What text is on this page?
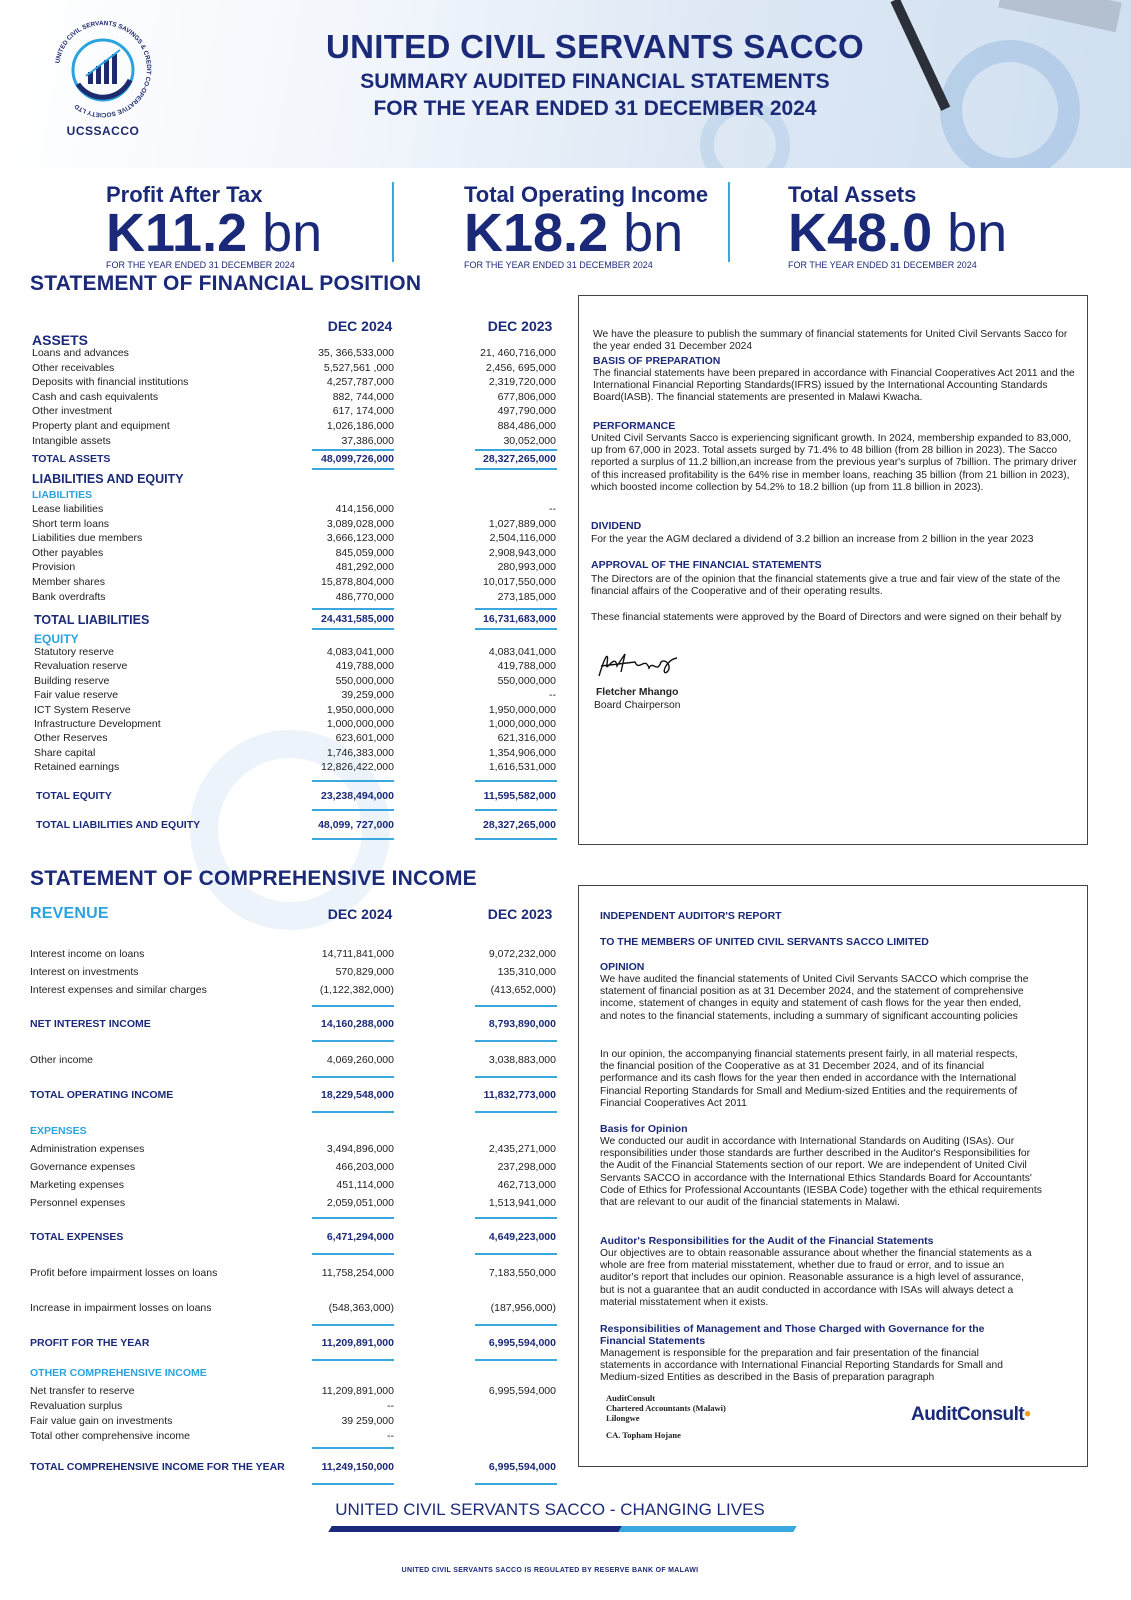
UNITED CIVIL SERVANTS SAVINGS & CREDIT CO-OPERATIVE SOCIETY LTD
UCSSACCO
UNITED CIVIL SERVANTS SACCO
SUMMARY AUDITED FINANCIAL STATEMENTS
FOR THE YEAR ENDED 31 DECEMBER 2024
Profit After Tax
K11.2 bn
FOR THE YEAR ENDED 31 DECEMBER 2024
Total Operating Income
K18.2 bn
FOR THE YEAR ENDED 31 DECEMBER 2024
Total Assets
K48.0 bn
FOR THE YEAR ENDED 31 DECEMBER 2024
STATEMENT OF FINANCIAL POSITION
DEC 2024	DEC 2023
ASSETS
Loans and advances	35, 366,533,000	21, 460,716,000
Other receivables	5,527,561 ,000	2,456, 695,000
Deposits with financial institutions	4,257,787,000	2,319,720,000
Cash and cash equivalents	882, 744,000	677,806,000
Other investment	617, 174,000	497,790,000
Property plant and equipment	1,026,186,000	884,486,000
Intangible assets	37,386,000	30,052,000
TOTAL ASSETS	48,099,726,000	28,327,265,000
LIABILITIES AND EQUITY
LIABILITIES
Lease liabilities	414,156,000	--
Short term loans	3,089,028,000	1,027,889,000
Liabilities due members	3,666,123,000	2,504,116,000
Other payables	845,059,000	2,908,943,000
Provision	481,292,000	280,993,000
Member shares	15,878,804,000	10,017,550,000
Bank overdrafts	486,770,000	273,185,000
TOTAL LIABILITIES	24,431,585,000	16,731,683,000
EQUITY
Statutory reserve	4,083,041,000	4,083,041,000
Revaluation reserve	419,788,000	419,788,000
Building reserve	550,000,000	550,000,000
Fair value reserve	39,259,000	--
ICT System Reserve	1,950,000,000	1,950,000,000
Infrastructure Development	1,000,000,000	1,000,000,000
Other Reserves	623,601,000	621,316,000
Share capital	1,746,383,000	1,354,906,000
Retained earnings	12,826,422,000	1,616,531,000
TOTAL EQUITY	23,238,494,000	11,595,582,000
TOTAL LIABILITIES AND EQUITY	48,099, 727,000	28,327,265,000
We have the pleasure to publish the summary of financial statements for United Civil Servants Sacco for the year ended 31 December 2024
BASIS OF PREPARATION
The financial statements have been prepared in accordance with Financial Cooperatives Act 2011 and the International Financial Reporting Standards(IFRS) issued by the International Accounting Standards Board(IASB). The financial statements are presented in Malawi Kwacha.
PERFORMANCE
United Civil Servants Sacco is experiencing significant growth. In 2024, membership expanded to 83,000, up from 67,000 in 2023. Total assets surged by 71.4% to 48 billion (from 28 billion in 2023). The Sacco reported a surplus of 11.2 billion,an increase from the previous year's surplus of 7billion. The primary driver of this increased profitability is the 64% rise in member loans, reaching 35 billion (from 21 billion in 2023), which boosted income collection by 54.2% to 18.2 billion (up from 11.8 billion in 2023).
DIVIDEND
For the year the AGM declared a dividend of 3.2 billion an increase from 2 billion in the year 2023
APPROVAL OF THE FINANCIAL STATEMENTS
The Directors are of the opinion that the financial statements give a true and fair view of the state of the financial affairs of the Cooperative and of their operating results.
These financial statements were approved by the Board of Directors and were signed on their behalf by
Fletcher Mhango
Board Chairperson
STATEMENT OF COMPREHENSIVE INCOME
REVENUE	DEC 2024	DEC 2023
Interest income on loans	14,711,841,000	9,072,232,000
Interest on investments	570,829,000	135,310,000
Interest expenses and similar charges	(1,122,382,000)	(413,652,000)
NET INTEREST INCOME	14,160,288,000	8,793,890,000
Other income	4,069,260,000	3,038,883,000
TOTAL OPERATING INCOME	18,229,548,000	11,832,773,000
EXPENSES
Administration expenses	3,494,896,000	2,435,271,000
Governance expenses	466,203,000	237,298,000
Marketing expenses	451,114,000	462,713,000
Personnel expenses	2,059,051,000	1,513,941,000
TOTAL EXPENSES	6,471,294,000	4,649,223,000
Profit before impairment losses on loans	11,758,254,000	7,183,550,000
Increase in impairment losses on loans	(548,363,000)	(187,956,000)
PROFIT FOR THE YEAR	11,209,891,000	6,995,594,000
OTHER COMPREHENSIVE INCOME
Net transfer to reserve	11,209,891,000	6,995,594,000
Revaluation surplus	--
Fair value gain on investments	39 259,000
Total other comprehensive income	--
TOTAL COMPREHENSIVE INCOME FOR THE YEAR	11,249,150,000	6,995,594,000
INDEPENDENT AUDITOR'S REPORT
TO THE MEMBERS OF UNITED CIVIL SERVANTS SACCO LIMITED
OPINION
We have audited the financial statements of United Civil Servants SACCO which comprise the statement of financial position as at 31 December 2024, and the statement of comprehensive income, statement of changes in equity and statement of cash flows for the year then ended, and notes to the financial statements, including a summary of significant accounting policies
In our opinion, the accompanying financial statements present fairly, in all material respects, the financial position of the Cooperative as at 31 December 2024, and of its financial performance and its cash flows for the year then ended in accordance with the International Financial Reporting Standards for Small and Medium-sized Entities and the requirements of Financial Cooperatives Act 2011
Basis for Opinion
We conducted our audit in accordance with International Standards on Auditing (ISAs). Our responsibilities under those standards are further described in the Auditor's Responsibilities for the Audit of the Financial Statements section of our report. We are independent of United Civil Servants SACCO in accordance with the International Ethics Standards Board for Accountants' Code of Ethics for Professional Accountants (IESBA Code) together with the ethical requirements that are relevant to our audit of the financial statements in Malawi.
Auditor's Responsibilities for the Audit of the Financial Statements
Our objectives are to obtain reasonable assurance about whether the financial statements as a whole are free from material misstatement, whether due to fraud or error, and to issue an auditor's report that includes our opinion. Reasonable assurance is a high level of assurance, but is not a guarantee that an audit conducted in accordance with ISAs will always detect a material misstatement when it exists.
Responsibilities of Management and Those Charged with Governance for the Financial Statements
Management is responsible for the preparation and fair presentation of the financial statements in accordance with International Financial Reporting Standards for Small and Medium-sized Entities as described in the Basis of preparation paragraph
AuditConsult
Chartered Accountants (Malawi)
Lilongwe
CA. Topham Hojane
AuditConsult•
UNITED CIVIL SERVANTS SACCO - CHANGING LIVES
UNITED CIVIL SERVANTS SACCO IS REGULATED BY RESERVE BANK OF MALAWI
